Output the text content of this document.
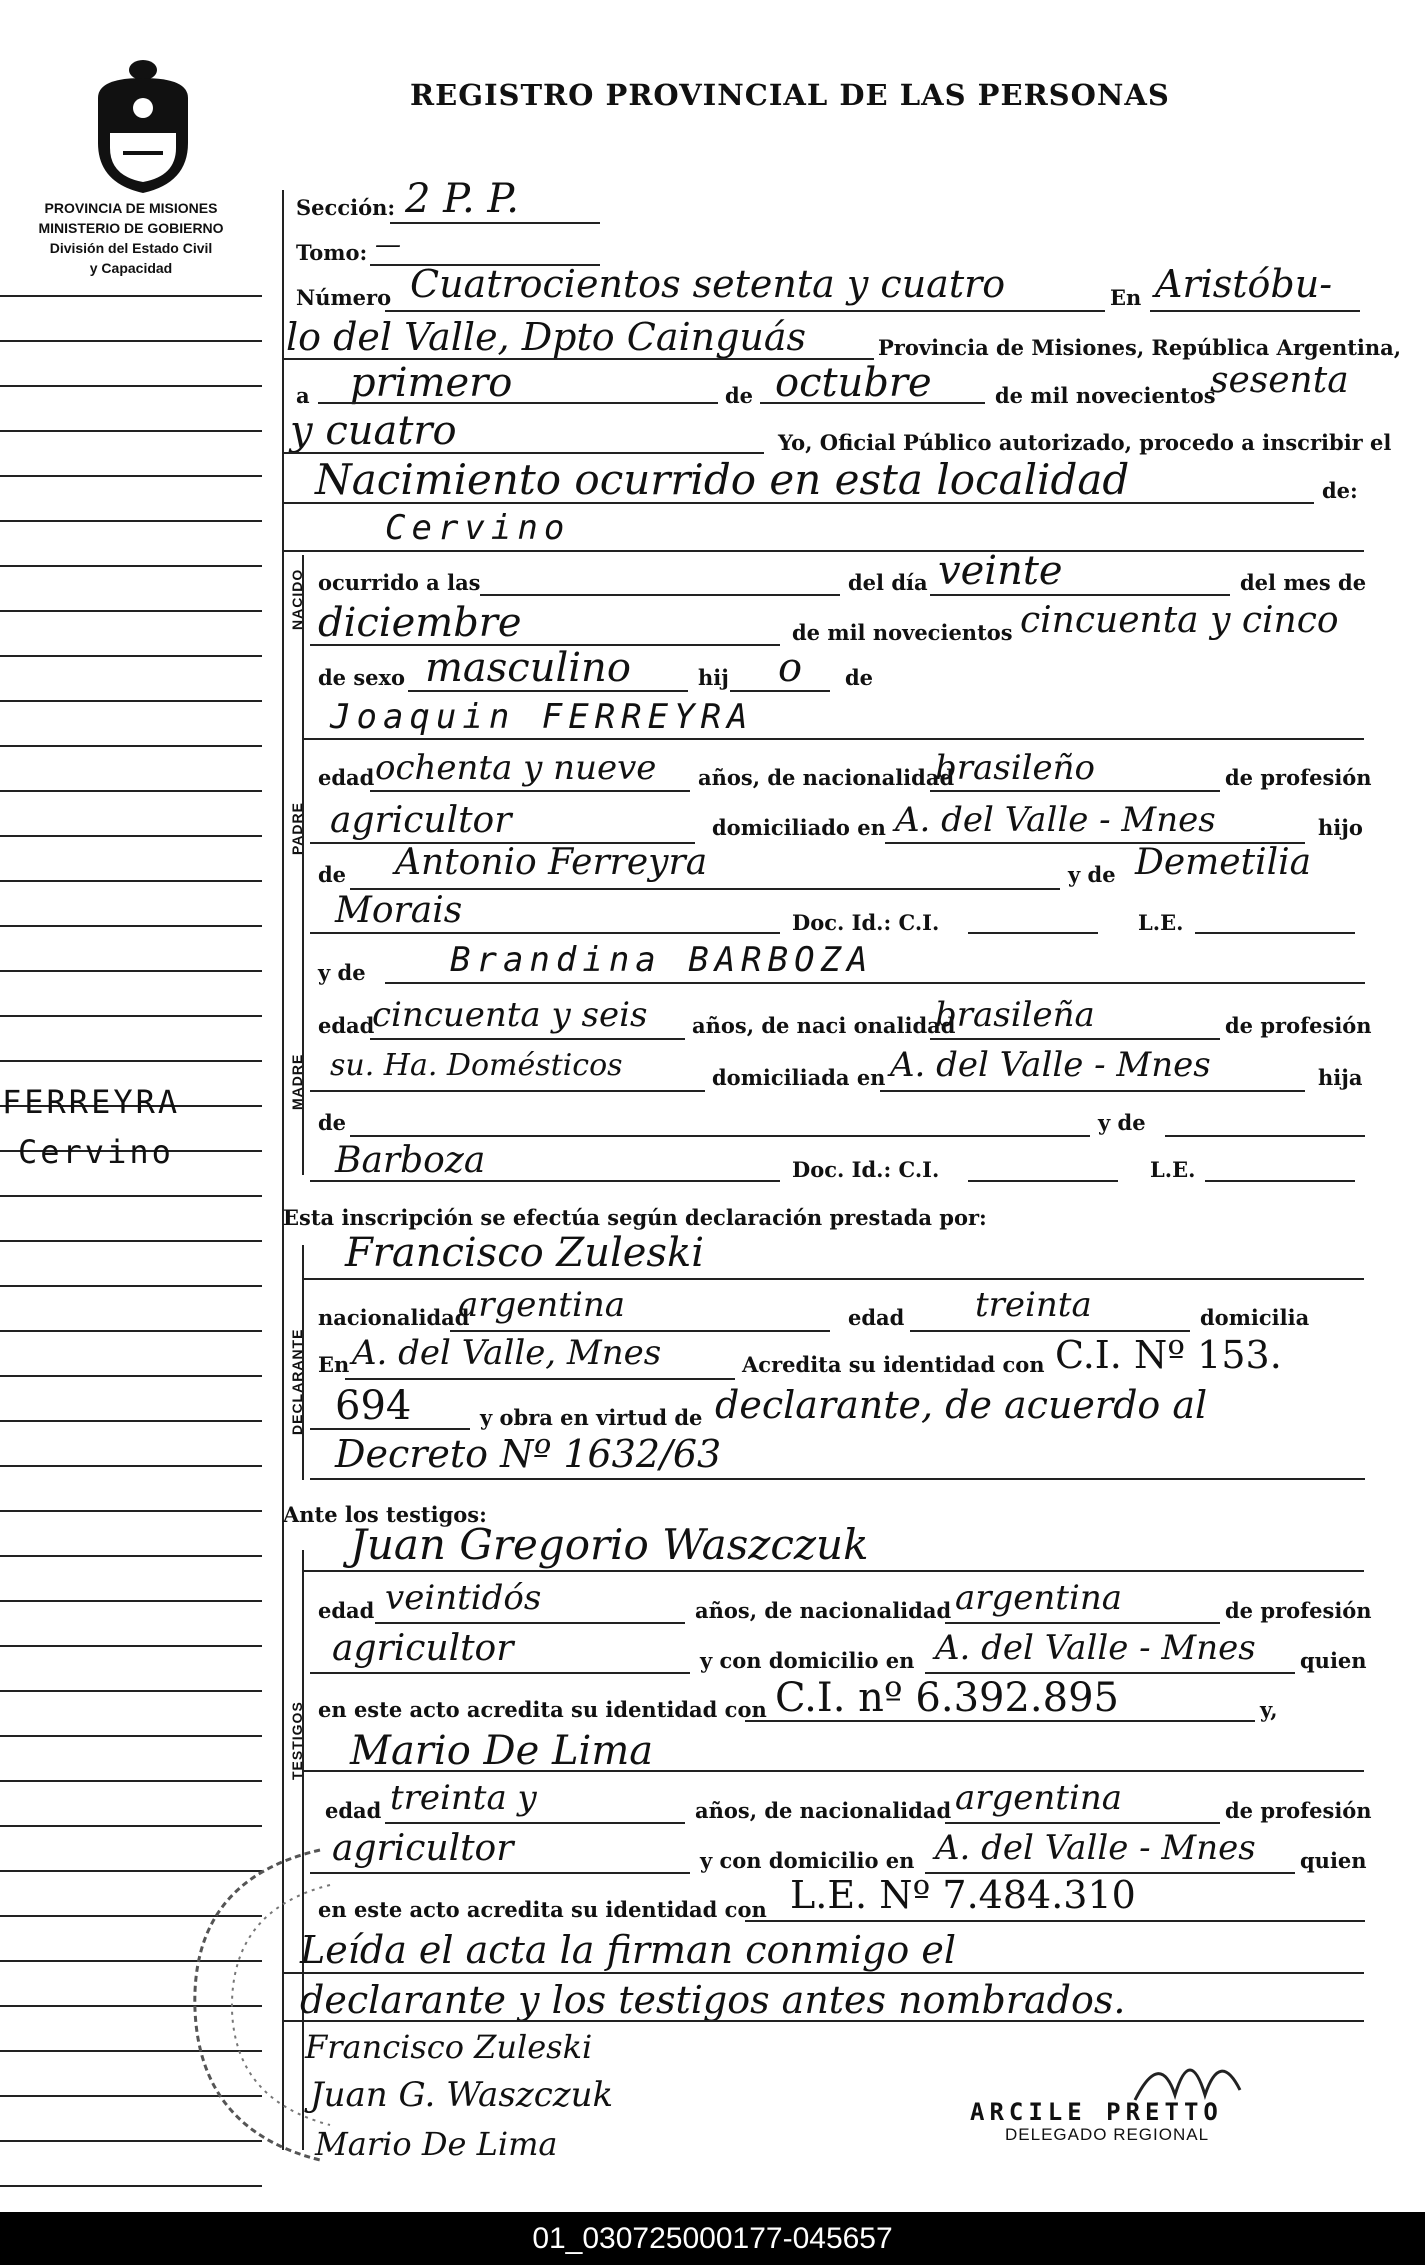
REGISTRO PROVINCIAL DE LAS PERSONAS
PROVINCIA DE MISIONES
MINISTERIO DE GOBIERNO
División del Estado Civil
y Capacidad
FERREYRA
Cervino
NACIDO
PADRE
MADRE
DECLARANTE
TESTIGOS
Sección: 2 P. P.
Tomo: —
Número Cuatrocientos setenta y cuatro	En Aristóbu-
lo del Valle, Dpto Cainguás	Provincia de Misiones, República Argentina,
a primero	de octubre	de mil novecientos
sesenta
y cuatro	Yo, Oficial Público autorizado, procedo a inscribir el
Nacimiento ocurrido en esta localidad	de:
Cervino
ocurrido a las	del día veinte	del mes de
diciembre	de mil novecientos cincuenta y cinco
de sexo masculino	hij o de
Joaquin FERREYRA
edad ochenta y nueve años, de nacionalidad
brasileño	de profesión
agricultor	domiciliado en A. del Valle - Mnes	hijo
de Antonio Ferreyra	y de Demetilia
Morais	Doc. Id.: C.I.	L.E.
y de Brandina BARBOZA
edad
cincuenta y seis años, de naci onalidad
brasileña	de profesión
su. Ha. Domésticos	domiciliada en A. del Valle - Mnes	hija
de	y de
Barboza	Doc. Id.: C.I.	L.E.
Esta inscripción se efectúa según declaración prestada por:
Francisco Zuleski
nacionalidad
argentina	edad treinta	domicilia
En A. del Valle, Mnes	Acredita su identidad con C.I. Nº 153.
694	y obra en virtud de declarante, de acuerdo al
Decreto Nº 1632/63
Ante los testigos:
Juan Gregorio Waszczuk
edad veintidós	años, de nacionalidad argentina	de profesión
agricultor	y con domicilio en A. del Valle - Mnes quien
en este acto acredita su identidad con C.I. nº 6.392.895	y,
Mario De Lima
edad treinta y	años, de nacionalidad argentina	de profesión
agricultor	y con domicilio en A. del Valle - Mnes quien
en este acto acredita su identidad con L.E. Nº 7.484.310
Leída el acta la firman conmigo el
declarante y los testigos antes nombrados.
Francisco Zuleski
Juan G. Waszczuk
Mario De Lima
ARCILE PRETTO
DELEGADO REGIONAL
01_030725000177-045657
